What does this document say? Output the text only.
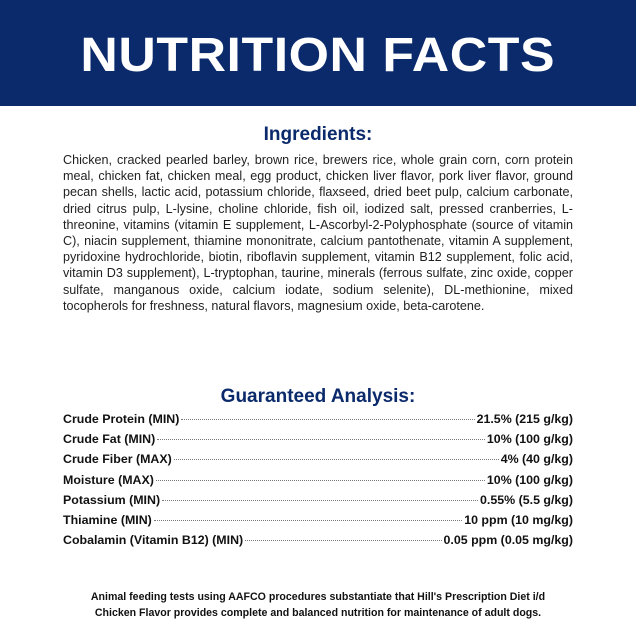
NUTRITION FACTS
Ingredients:

Chicken, cracked pearled barley, brown rice, brewers rice, whole grain corn, corn protein meal, chicken fat, chicken meal, egg product, chicken liver flavor, pork liver flavor, ground pecan shells, lactic acid, potassium chloride, flaxseed, dried beet pulp, calcium carbonate, dried citrus pulp, L-lysine, choline chloride, fish oil, iodized salt, pressed cranberries, L-threonine, vitamins (vitamin E supplement, L-Ascorbyl-2-Polyphosphate (source of vitamin C), niacin supplement, thiamine mononitrate, calcium pantothenate, vitamin A supplement, pyridoxine hydrochloride, biotin, riboflavin supplement, vitamin B12 supplement, folic acid, vitamin D3 supplement), L-tryptophan, taurine, minerals (ferrous sulfate, zinc oxide, copper sulfate, manganous oxide, calcium iodate, sodium selenite), DL-methionine, mixed tocopherols for freshness, natural flavors, magnesium oxide, beta-carotene.

Guaranteed Analysis:
Crude Protein (MIN)	21.5% (215 g/kg)
Crude Fat (MIN)	10% (100 g/kg)
Crude Fiber (MAX)	4% (40 g/kg)
Moisture (MAX)	10% (100 g/kg)
Potassium (MIN)	0.55% (5.5 g/kg)
Thiamine (MIN)	10 ppm (10 mg/kg)
Cobalamin (Vitamin B12) (MIN)	0.05 ppm (0.05 mg/kg)

Animal feeding tests using AAFCO procedures substantiate that Hill's Prescription Diet i/d Chicken Flavor provides complete and balanced nutrition for maintenance of adult dogs.
